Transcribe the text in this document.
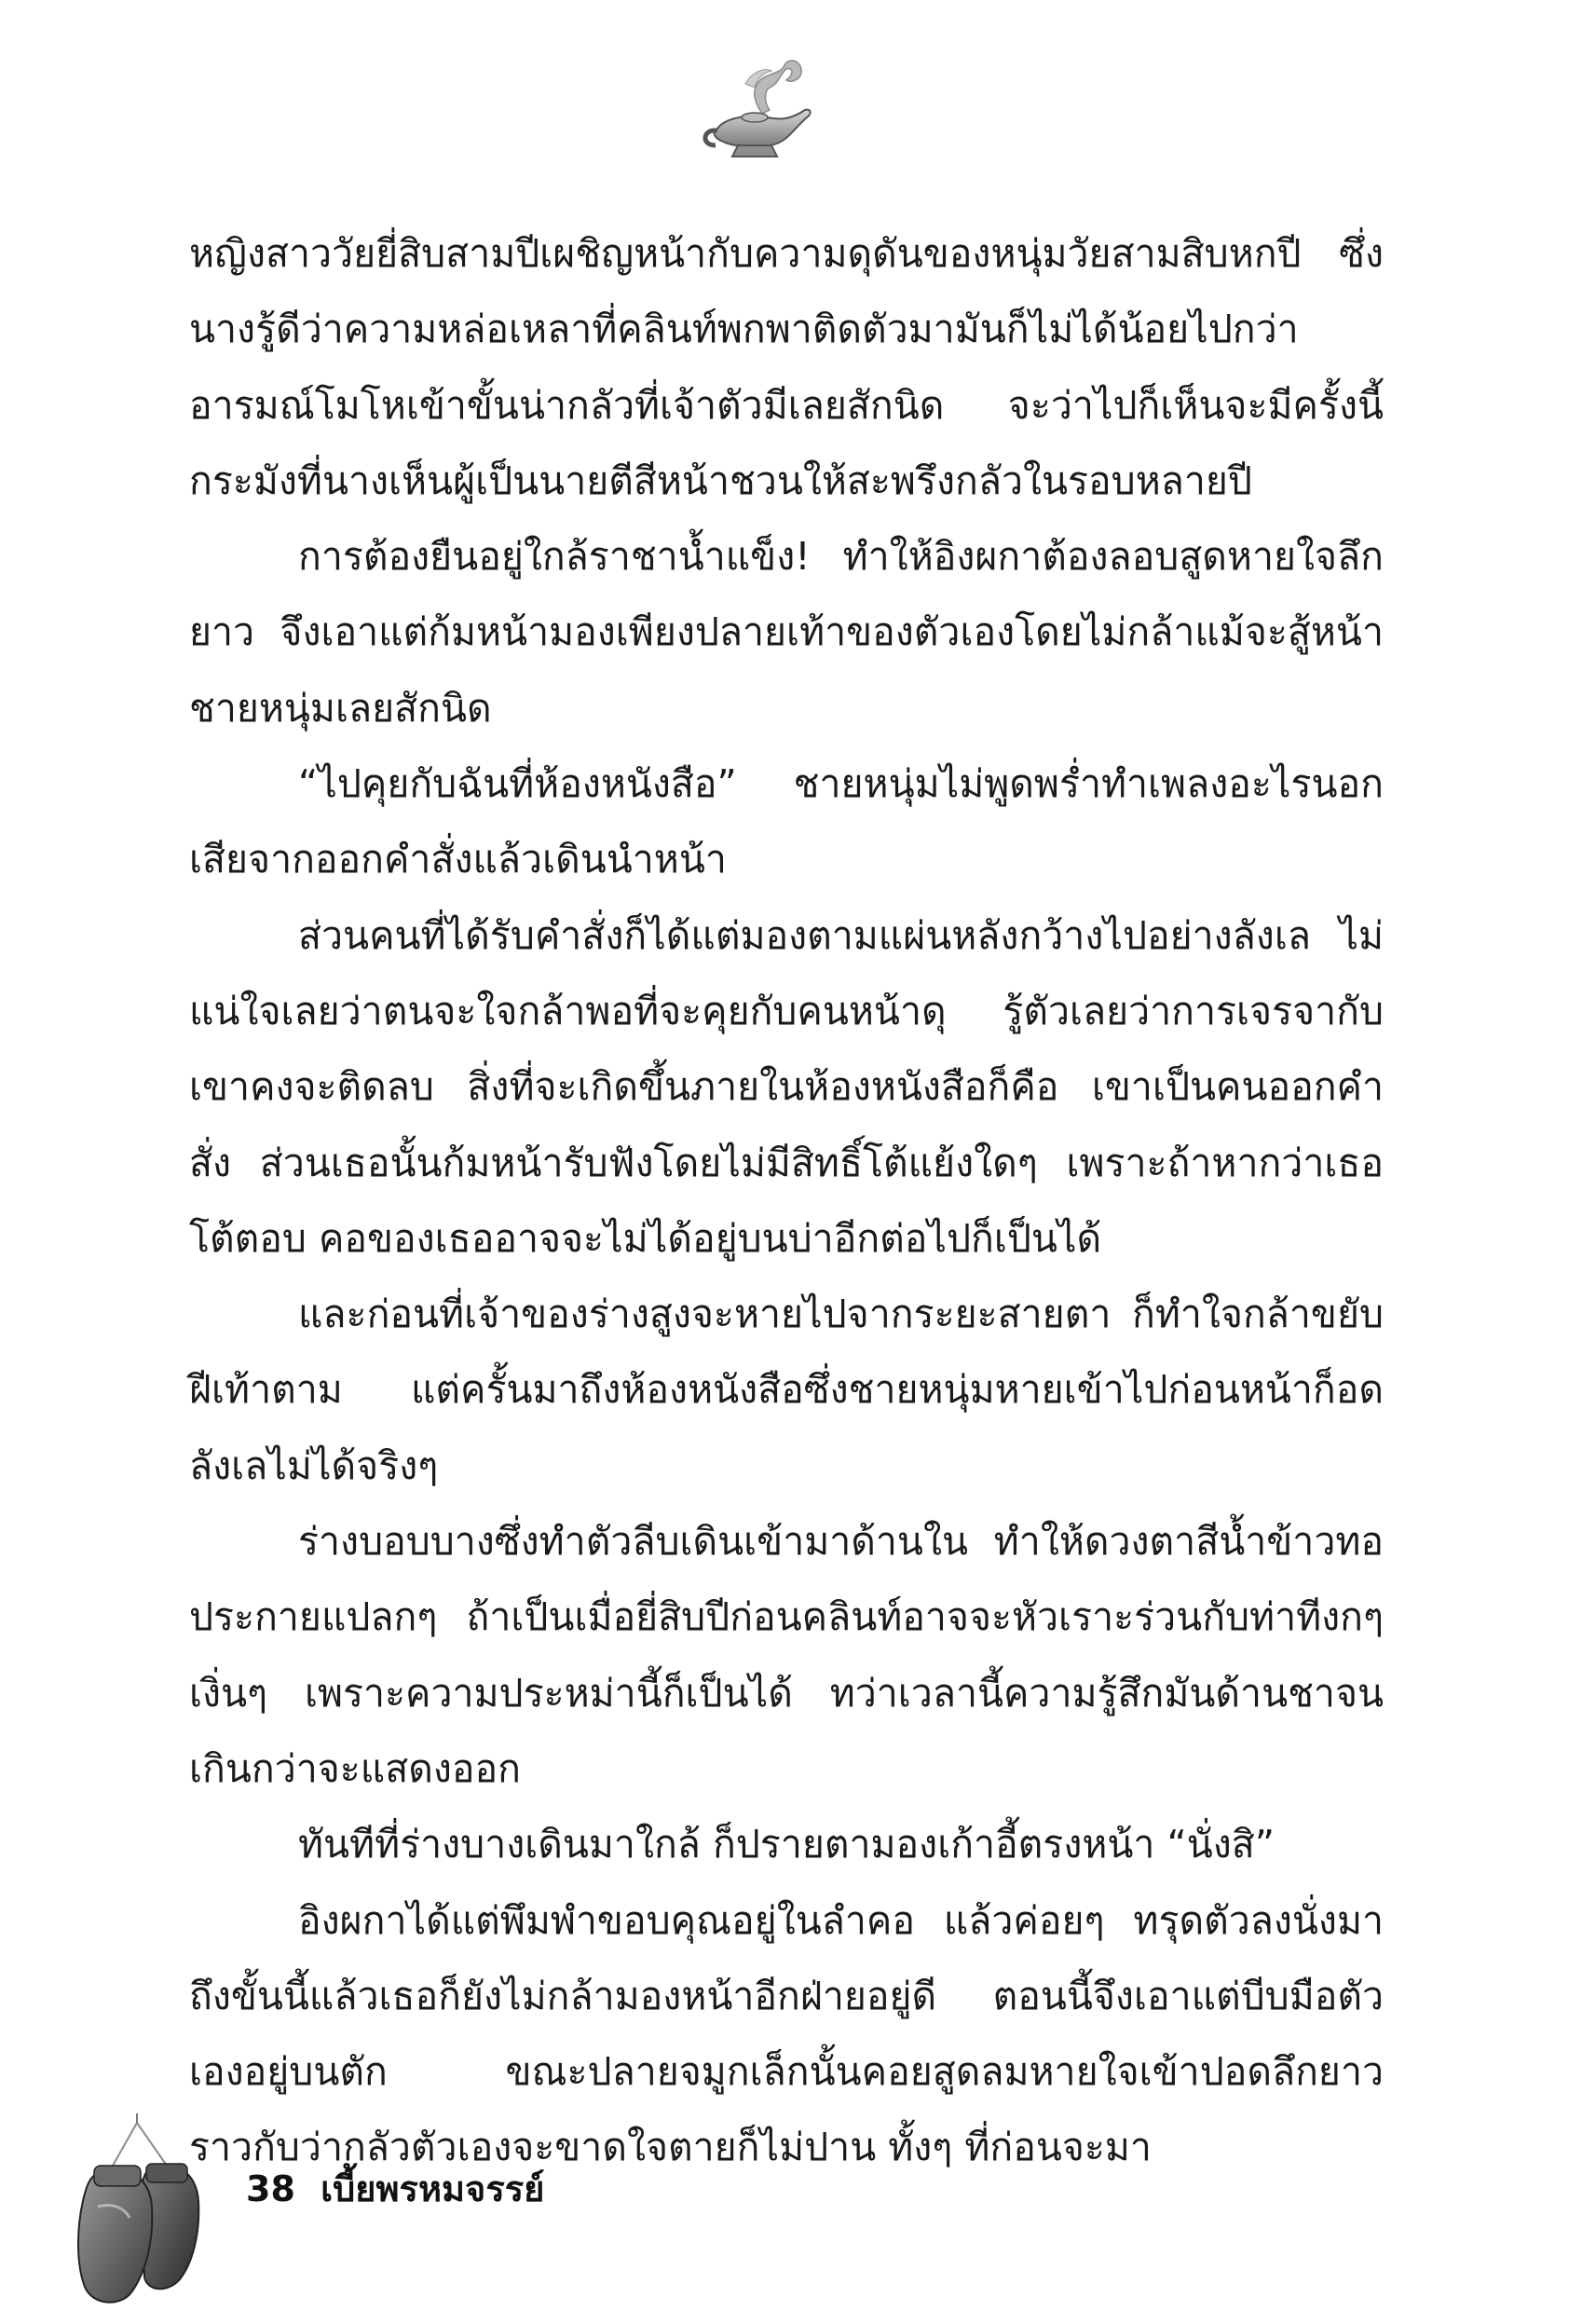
หญิงสาววัยยี่สิบสามปีเผชิญหน้ากับความดุดันของหนุ่มวัยสามสิบหกปี ซึ่งนางรู้ดีว่าความหล่อเหลาที่คลินท์พกพาติดตัวมามันก็ไม่ได้น้อยไปกว่าอารมณ์โมโหเข้าขั้นน่ากลัวที่เจ้าตัวมีเลยสักนิด จะว่าไปก็เห็นจะมีครั้งนี้กระมังที่นางเห็นผู้เป็นนายตีสีหน้าชวนให้สะพรึงกลัวในรอบหลายปี

การต้องยืนอยู่ใกล้ราชาน้ำแข็ง! ทำให้อิงผกาต้องลอบสูดหายใจลึกยาว จึงเอาแต่ก้มหน้ามองเพียงปลายเท้าของตัวเองโดยไม่กล้าแม้จะสู้หน้าชายหนุ่มเลยสักนิด

“ไปคุยกับฉันที่ห้องหนังสือ” ชายหนุ่มไม่พูดพร่ำทำเพลงอะไรนอกเสียจากออกคำสั่งแล้วเดินนำหน้า

ส่วนคนที่ได้รับคำสั่งก็ได้แต่มองตามแผ่นหลังกว้างไปอย่างลังเล ไม่แน่ใจเลยว่าตนจะใจกล้าพอที่จะคุยกับคนหน้าดุ รู้ตัวเลยว่าการเจรจากับเขาคงจะติดลบ สิ่งที่จะเกิดขึ้นภายในห้องหนังสือก็คือ เขาเป็นคนออกคำสั่ง ส่วนเธอนั้นก้มหน้ารับฟังโดยไม่มีสิทธิ์โต้แย้งใดๆ เพราะถ้าหากว่าเธอโต้ตอบ คอของเธออาจจะไม่ได้อยู่บนบ่าอีกต่อไปก็เป็นได้

และก่อนที่เจ้าของร่างสูงจะหายไปจากระยะสายตา ก็ทำใจกล้าขยับฝีเท้าตาม แต่ครั้นมาถึงห้องหนังสือซึ่งชายหนุ่มหายเข้าไปก่อนหน้าก็อดลังเลไม่ได้จริงๆ

ร่างบอบบางซึ่งทำตัวลีบเดินเข้ามาด้านใน ทำให้ดวงตาสีน้ำข้าวทอประกายแปลกๆ ถ้าเป็นเมื่อยี่สิบปีก่อนคลินท์อาจจะหัวเราะร่วนกับท่าทีงกๆ เงิ่นๆ เพราะความประหม่านี้ก็เป็นได้ ทว่าเวลานี้ความรู้สึกมันด้านชาจนเกินกว่าจะแสดงออก

ทันทีที่ร่างบางเดินมาใกล้ ก็ปรายตามองเก้าอี้ตรงหน้า “นั่งสิ”

อิงผกาได้แต่พึมพำขอบคุณอยู่ในลำคอ แล้วค่อยๆ ทรุดตัวลงนั่งมาถึงขั้นนี้แล้วเธอก็ยังไม่กล้ามองหน้าอีกฝ่ายอยู่ดี ตอนนี้จึงเอาแต่บีบมือตัวเองอยู่บนตัก ขณะปลายจมูกเล็กนั้นคอยสูดลมหายใจเข้าปอดลึกยาว ราวกับว่ากลัวตัวเองจะขาดใจตายก็ไม่ปาน ทั้งๆ ที่ก่อนจะมา

38 เบี้ยพรหมจรรย์
